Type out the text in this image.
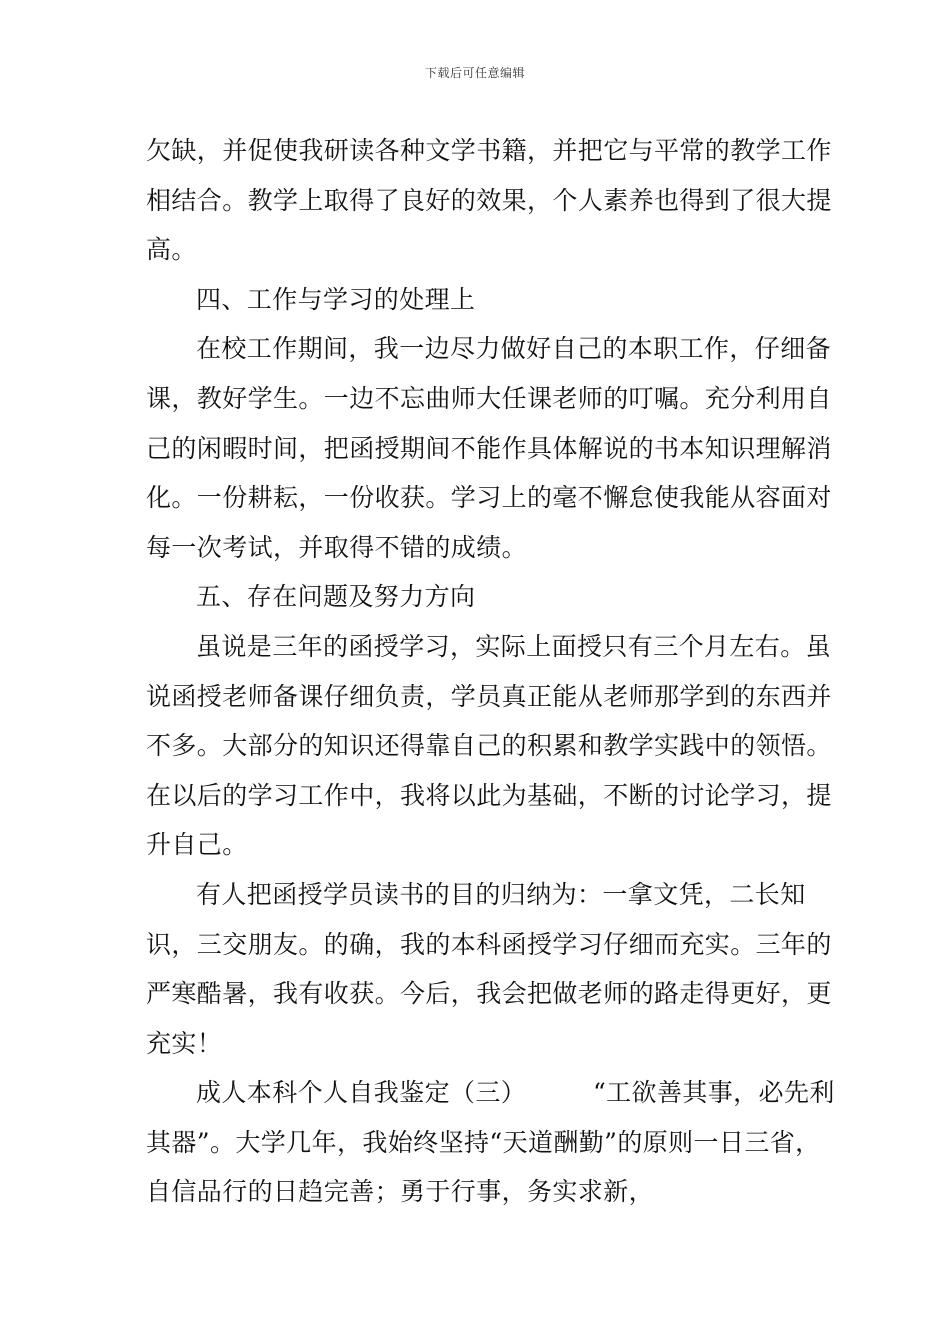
下载后可任意编辑

欠缺，并促使我研读各种文学书籍，并把它与平常的教学工作相结合。教学上取得了良好的效果，个人素养也得到了很大提高。

四、工作与学习的处理上

在校工作期间，我一边尽力做好自己的本职工作，仔细备课，教好学生。一边不忘曲师大任课老师的叮嘱。充分利用自己的闲暇时间，把函授期间不能作具体解说的书本知识理解消化。一份耕耘，一份收获。学习上的毫不懈怠使我能从容面对每一次考试，并取得不错的成绩。

五、存在问题及努力方向

虽说是三年的函授学习，实际上面授只有三个月左右。虽说函授老师备课仔细负责，学员真正能从老师那学到的东西并不多。大部分的知识还得靠自己的积累和教学实践中的领悟。在以后的学习工作中，我将以此为基础，不断的讨论学习，提升自己。

有人把函授学员读书的目的归纳为：一拿文凭，二长知识，三交朋友。的确，我的本科函授学习仔细而充实。三年的严寒酷暑，我有收获。今后，我会把做老师的路走得更好，更充实！

成人本科个人自我鉴定（三）        “工欲善其事，必先利其器”。大学几年，我始终坚持“天道酬勤”的原则一日三省，自信品行的日趋完善；勇于行事，务实求新，
